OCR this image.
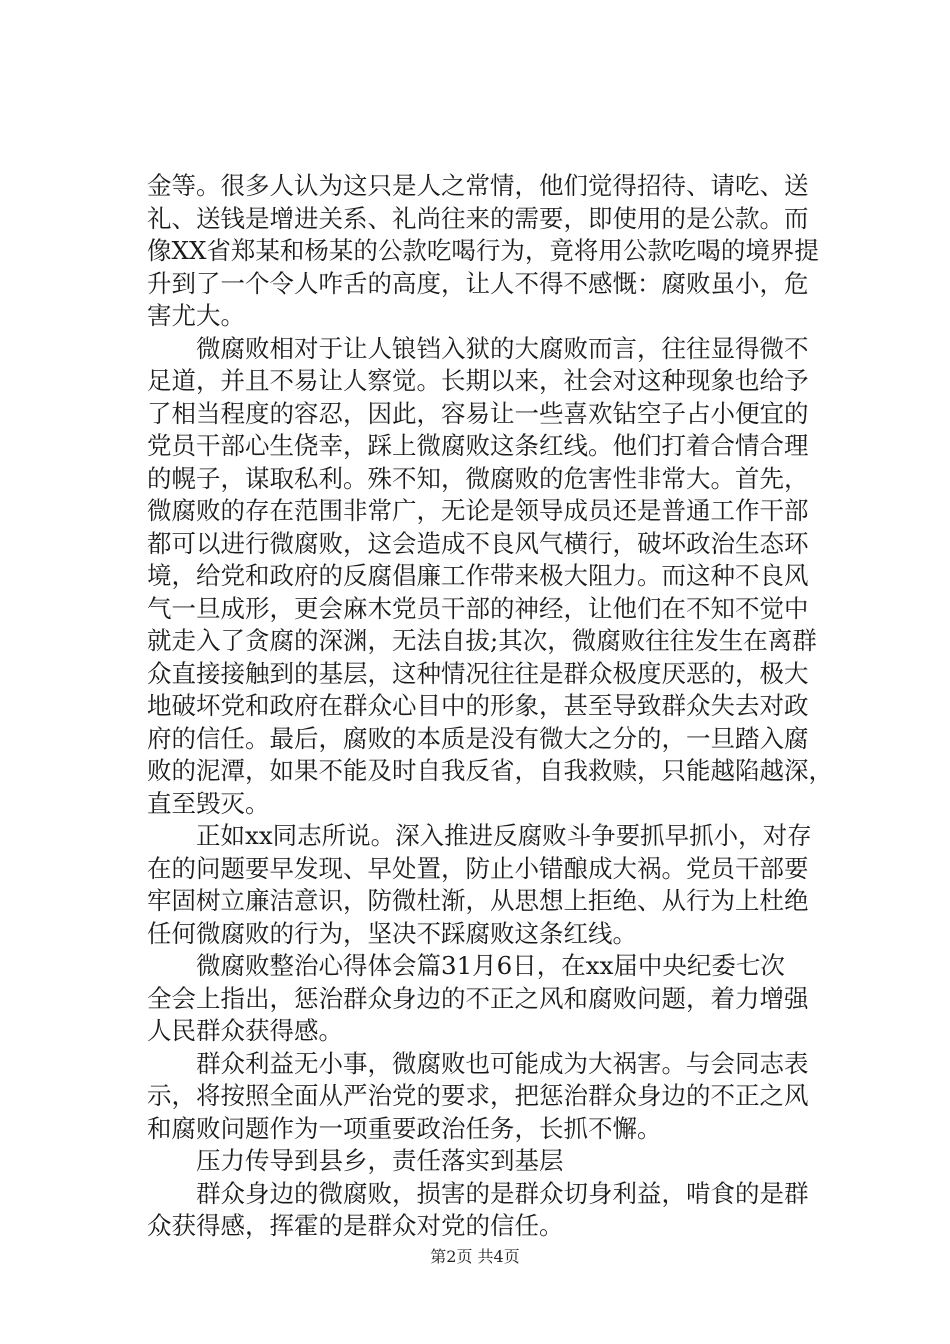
金等。很多人认为这只是人之常情，他们觉得招待、请吃、送
礼、送钱是增进关系、礼尚往来的需要，即使用的是公款。而
像XX省郑某和杨某的公款吃喝行为，竟将用公款吃喝的境界提
升到了一个令人咋舌的高度，让人不得不感慨：腐败虽小，危
害尤大。
　　微腐败相对于让人锒铛入狱的大腐败而言，往往显得微不
足道，并且不易让人察觉。长期以来，社会对这种现象也给予
了相当程度的容忍，因此，容易让一些喜欢钻空子占小便宜的
党员干部心生侥幸，踩上微腐败这条红线。他们打着合情合理
的幌子，谋取私利。殊不知，微腐败的危害性非常大。首先，
微腐败的存在范围非常广，无论是领导成员还是普通工作干部
都可以进行微腐败，这会造成不良风气横行，破坏政治生态环
境，给党和政府的反腐倡廉工作带来极大阻力。而这种不良风
气一旦成形，更会麻木党员干部的神经，让他们在不知不觉中
就走入了贪腐的深渊，无法自拔;其次，微腐败往往发生在离群
众直接接触到的基层，这种情况往往是群众极度厌恶的，极大
地破坏党和政府在群众心目中的形象，甚至导致群众失去对政
府的信任。最后，腐败的本质是没有微大之分的，一旦踏入腐
败的泥潭，如果不能及时自我反省，自我救赎，只能越陷越深，
直至毁灭。
　　正如xx同志所说。深入推进反腐败斗争要抓早抓小，对存
在的问题要早发现、早处置，防止小错酿成大祸。党员干部要
牢固树立廉洁意识，防微杜渐，从思想上拒绝、从行为上杜绝
任何微腐败的行为，坚决不踩腐败这条红线。
　　微腐败整治心得体会篇31月6日，在xx届中央纪委七次
全会上指出，惩治群众身边的不正之风和腐败问题，着力增强
人民群众获得感。
　　群众利益无小事，微腐败也可能成为大祸害。与会同志表
示，将按照全面从严治党的要求，把惩治群众身边的不正之风
和腐败问题作为一项重要政治任务，长抓不懈。
　　压力传导到县乡，责任落实到基层
　　群众身边的微腐败，损害的是群众切身利益，啃食的是群
众获得感，挥霍的是群众对党的信任。
第2页 共4页
